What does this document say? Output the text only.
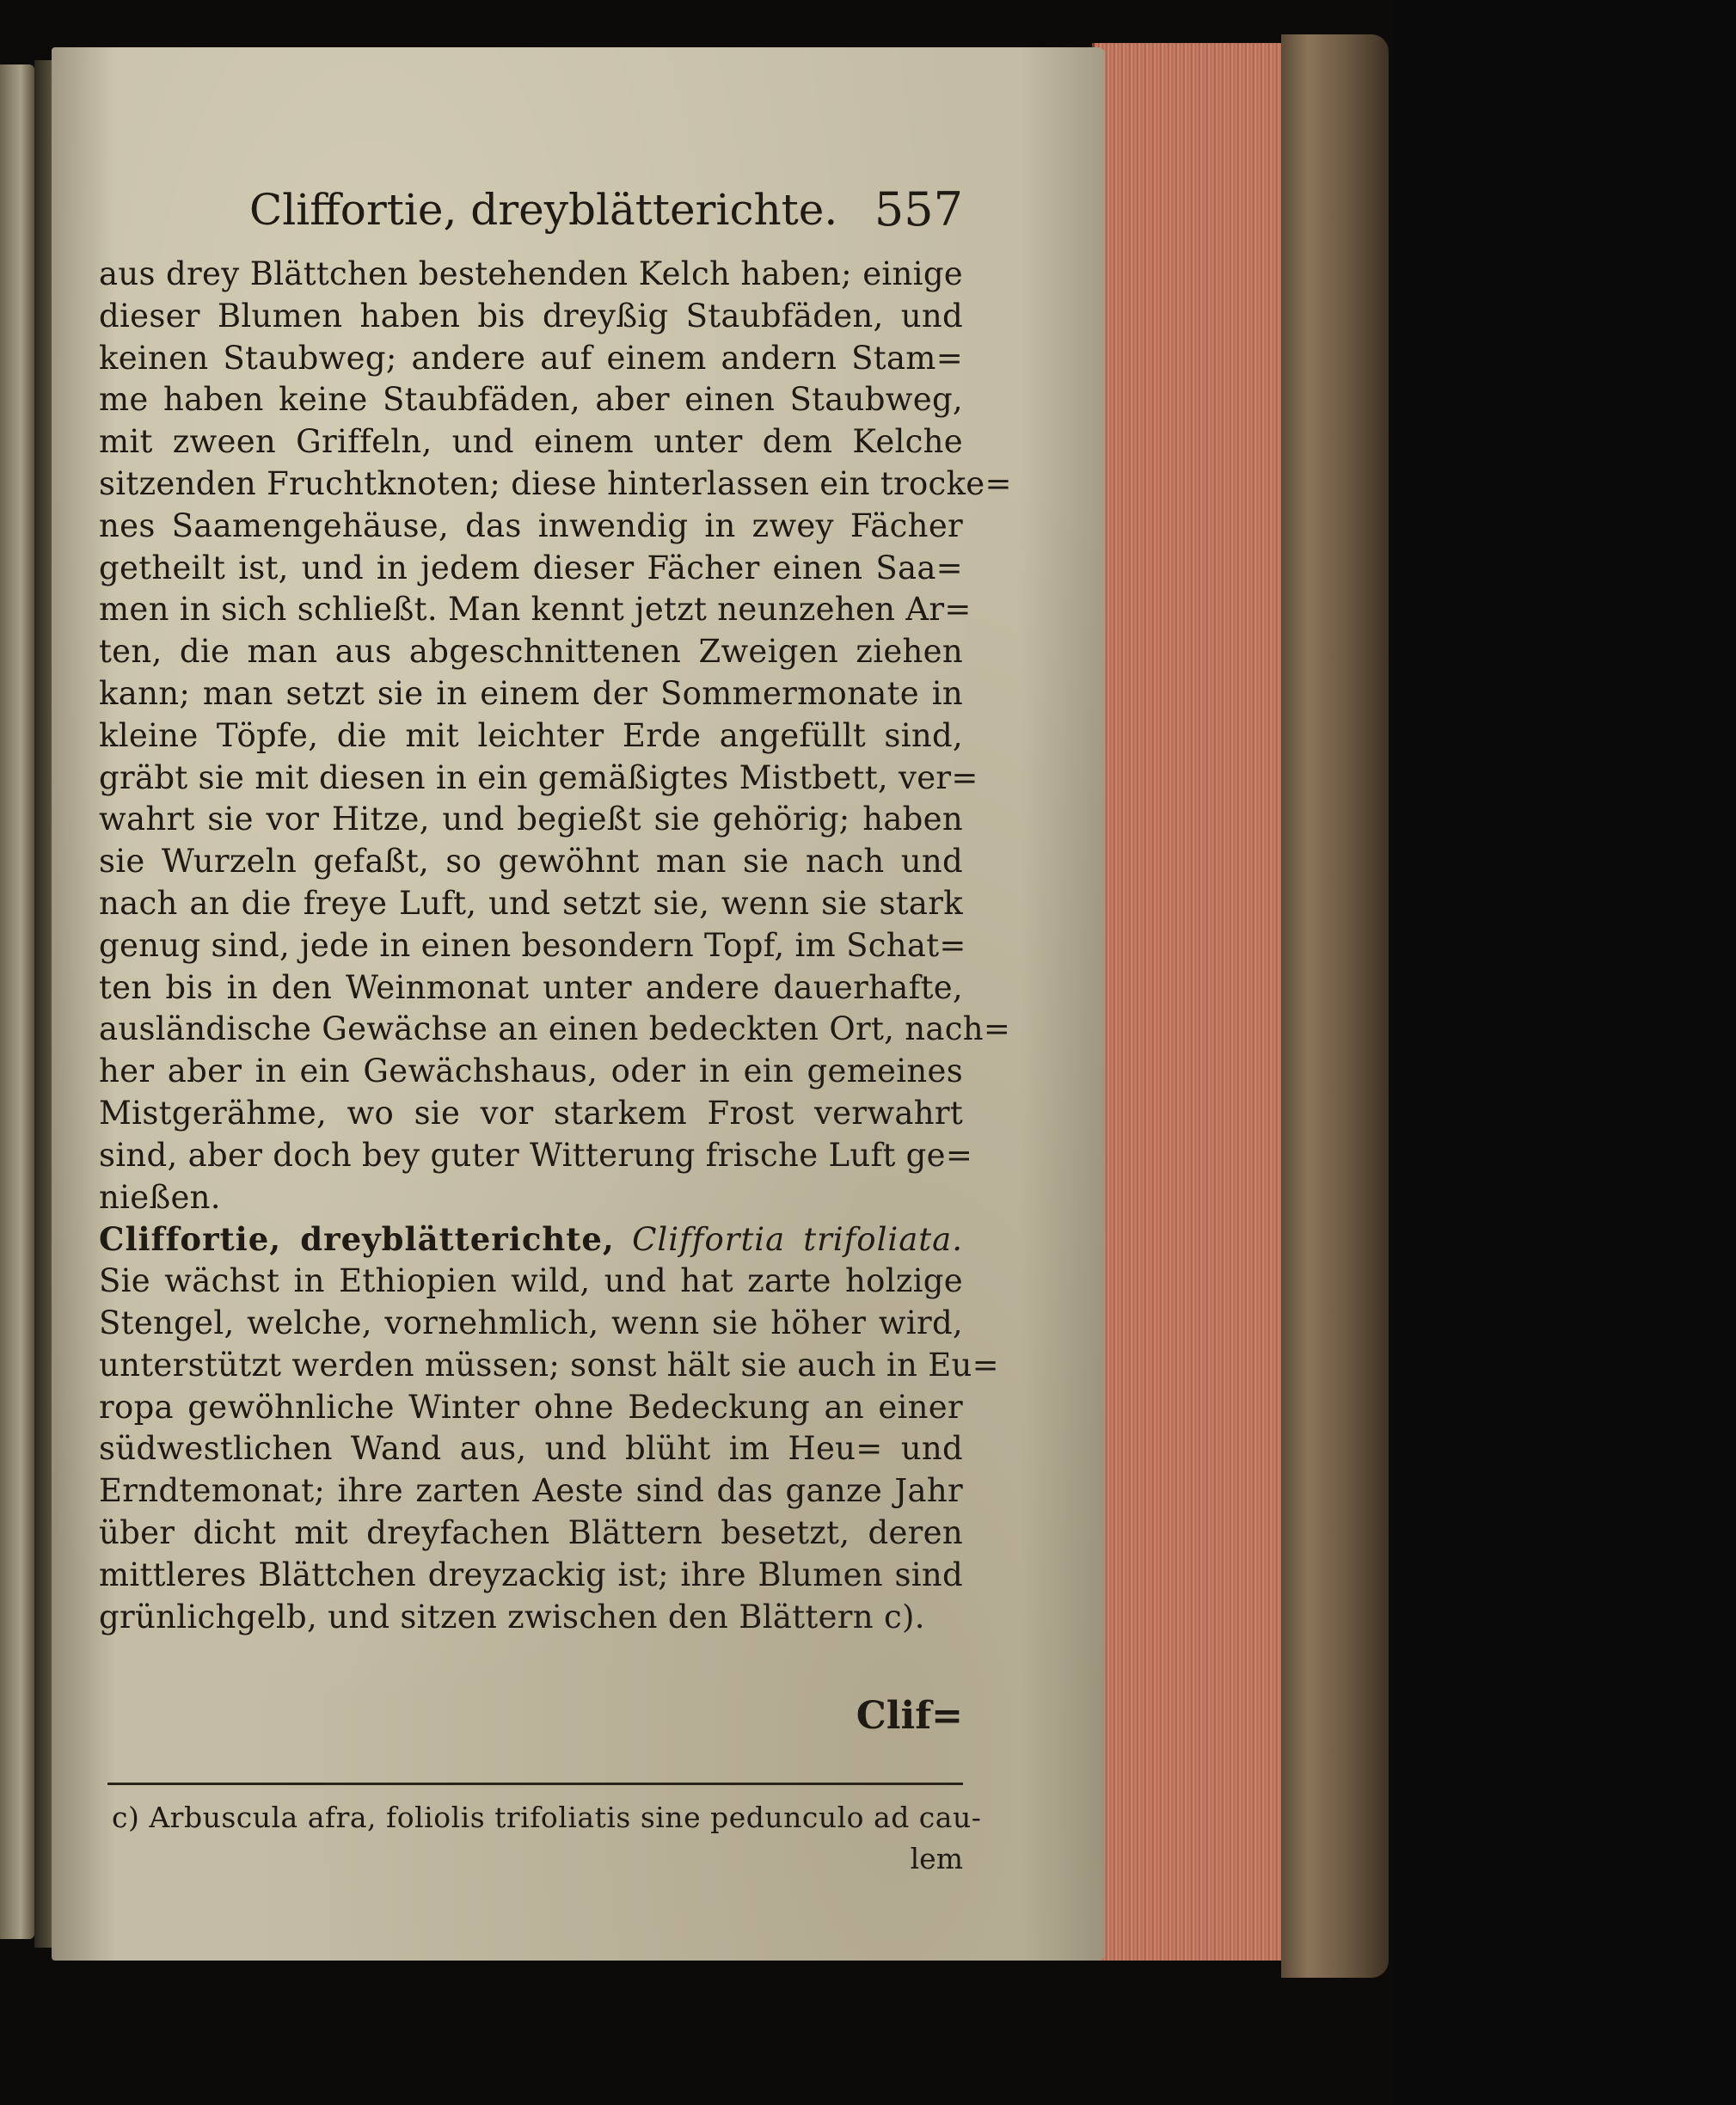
Cliffortie, dreyblätterichte. 557
aus drey Blättchen bestehenden Kelch haben; einige
dieser Blumen haben bis dreyßig Staubfäden, und
keinen Staubweg; andere auf einem andern Stam=
me haben keine Staubfäden, aber einen Staubweg,
mit zween Griffeln, und einem unter dem Kelche
sitzenden Fruchtknoten; diese hinterlassen ein trocke=
nes Saamengehäuse, das inwendig in zwey Fächer
getheilt ist, und in jedem dieser Fächer einen Saa=
men in sich schließt. Man kennt jetzt neunzehen Ar=
ten, die man aus abgeschnittenen Zweigen ziehen
kann; man setzt sie in einem der Sommermonate in
kleine Töpfe, die mit leichter Erde angefüllt sind,
gräbt sie mit diesen in ein gemäßigtes Mistbett, ver=
wahrt sie vor Hitze, und begießt sie gehörig; haben
sie Wurzeln gefaßt, so gewöhnt man sie nach und
nach an die freye Luft, und setzt sie, wenn sie stark
genug sind, jede in einen besondern Topf, im Schat=
ten bis in den Weinmonat unter andere dauerhafte,
ausländische Gewächse an einen bedeckten Ort, nach=
her aber in ein Gewächshaus, oder in ein gemeines
Mistgerähme, wo sie vor starkem Frost verwahrt
sind, aber doch bey guter Witterung frische Luft ge=
nießen.
Cliffortie, dreyblätterichte, Cliffortia trifoliata.
Sie wächst in Ethiopien wild, und hat zarte holzige
Stengel, welche, vornehmlich, wenn sie höher wird,
unterstützt werden müssen; sonst hält sie auch in Eu=
ropa gewöhnliche Winter ohne Bedeckung an einer
südwestlichen Wand aus, und blüht im Heu= und
Erndtemonat; ihre zarten Aeste sind das ganze Jahr
über dicht mit dreyfachen Blättern besetzt, deren
mittleres Blättchen dreyzackig ist; ihre Blumen sind
grünlichgelb, und sitzen zwischen den Blättern c).
Clif=
c) Arbuscula afra, foliolis trifoliatis sine pedunculo ad cau-
lem
